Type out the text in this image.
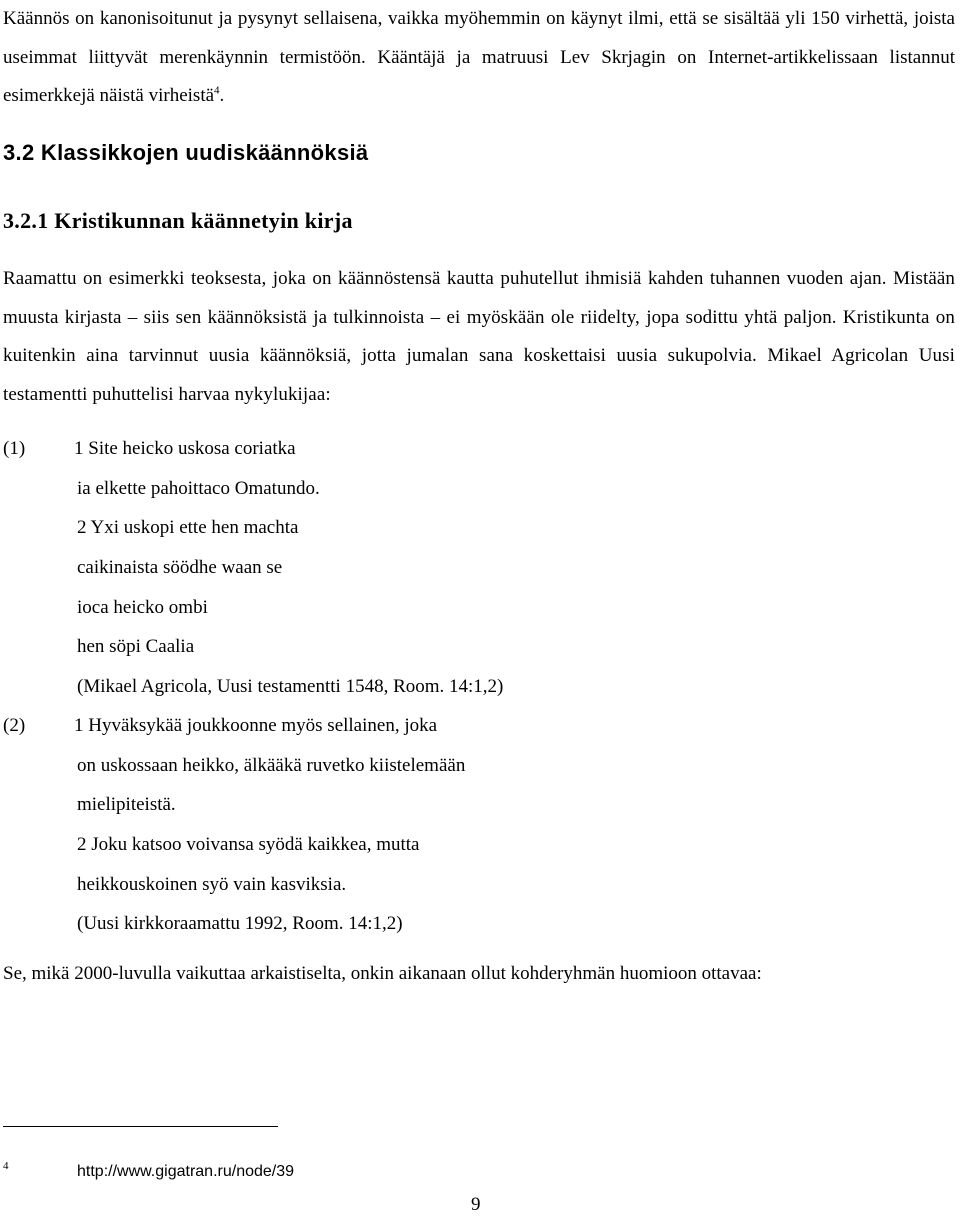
Käännös on kanonisoitunut ja pysynyt sellaisena, vaikka myöhemmin on käynyt ilmi, että se sisältää yli 150 virhettä, joista useimmat liittyvät merenkäynnin termistöön. Kääntäjä ja matruusi Lev Skrjagin on Internet-artikkelissaan listannut esimerkkejä näistä virheistä$^4$.

3.2 Klassikkojen uudiskäännöksiä
3.2.1 Kristikunnan käännetyin kirja

Raamattu on esimerkki teoksesta, joka on käännöstensä kautta puhutellut ihmisiä kahden tuhannen vuoden ajan. Mistään muusta kirjasta – siis sen käännöksistä ja tulkinnoista – ei myöskään ole riidelty, jopa sodittu yhtä paljon. Kristikunta on kuitenkin aina tarvinnut uusia käännöksiä, jotta jumalan sana koskettaisi uusia sukupolvia. Mikael Agricolan Uusi testamentti puhuttelisi harvaa nykylukijaa:

(1)	1 Site heicko uskosa coriatka
ia elkette pahoittaco Omatundo.
2 Yxi uskopi ette hen machta
caikinaista söödhe waan se
ioca heicko ombi
hen söpi Caalia
(Mikael Agricola, Uusi testamentti 1548, Room. 14:1,2)
(2)	1 Hyväksykää joukkoonne myös sellainen, joka
on uskossaan heikko, älkääkä ruvetko kiistelemään
mielipiteistä.
2 Joku katsoo voivansa syödä kaikkea, mutta
heikkouskoinen syö vain kasviksia.
(Uusi kirkkoraamattu 1992, Room. 14:1,2)

Se, mikä 2000-luvulla vaikuttaa arkaistiselta, onkin aikanaan ollut kohderyhmän huomioon ottavaa:

4	http://www.gigatran.ru/node/39
9
